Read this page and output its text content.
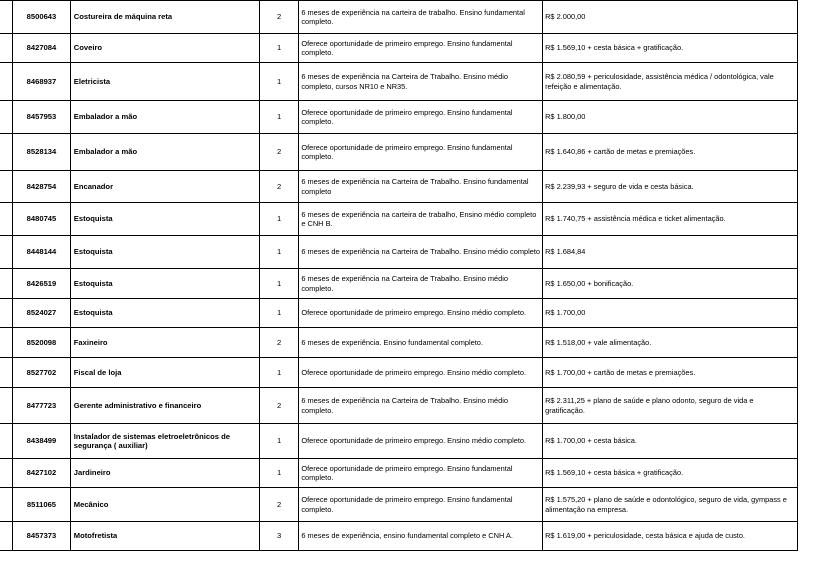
	8500643	Costureira de máquina reta	2	6 meses de experiência na carteira de trabalho. Ensino fundamental completo.	R$ 2.000,00
	8427084	Coveiro	1	Oferece oportunidade de primeiro emprego. Ensino fundamental completo.	R$ 1.569,10 + cesta básica + gratificação.
	8468937	Eletricista	1	6 meses de experiência na Carteira de Trabalho. Ensino médio completo, cursos NR10 e NR35.	R$ 2.080,59 + periculosidade, assistência médica / odontológica, vale refeição e alimentação.
	8457953	Embalador a mão	1	Oferece oportunidade de primeiro emprego. Ensino fundamental completo.	R$ 1.800,00
	8528134	Embalador a mão	2	Oferece oportunidade de primeiro emprego. Ensino fundamental completo.	R$ 1.640,86 + cartão de metas e premiações.
	8428754	Encanador	2	6 meses de experiência na Carteira de Trabalho. Ensino fundamental completo	R$ 2.239,93 + seguro de vida e cesta básica.
	8480745	Estoquista	1	6 meses de experiência na carteira de trabalho, Ensino médio completo e CNH B.	R$ 1.740,75 + assistência médica e ticket alimentação.
	8448144	Estoquista	1	6 meses de experiência na Carteira de Trabalho. Ensino médio completo	R$ 1.684,84
	8426519	Estoquista	1	6 meses de experiência na Carteira de Trabalho. Ensino médio completo.	R$ 1.650,00 + bonificação.
	8524027	Estoquista	1	Oferece oportunidade de primeiro emprego. Ensino médio completo.	R$ 1.700,00
	8520098	Faxineiro	2	6 meses de experiência. Ensino fundamental completo.	R$ 1.518,00 + vale alimentação.
	8527702	Fiscal de loja	1	Oferece oportunidade de primeiro emprego. Ensino médio completo.	R$ 1.700,00 + cartão de metas e premiações.
	8477723	Gerente administrativo e financeiro	2	6 meses de experiência na Carteira de Trabalho. Ensino médio completo.	R$ 2.311,25 + plano de saúde e plano odonto, seguro de vida e gratificação.
	8438499	Instalador de sistemas eletroeletrônicos de segurança ( auxiliar)	1	Oferece oportunidade de primeiro emprego. Ensino médio completo.	R$ 1.700,00 + cesta básica.
	8427102	Jardineiro	1	Oferece oportunidade de primeiro emprego. Ensino fundamental completo.	R$ 1.569,10 + cesta básica + gratificação.
	8511065	Mecânico	2	Oferece oportunidade de primeiro emprego. Ensino fundamental completo.	R$ 1.575,20 + plano de saúde e odontológico, seguro de vida, gympass e alimentação na empresa.
	8457373	Motofretista	3	6 meses de experiência, ensino fundamental completo e CNH A.	R$ 1.619,00 + periculosidade, cesta básica e ajuda de custo.
